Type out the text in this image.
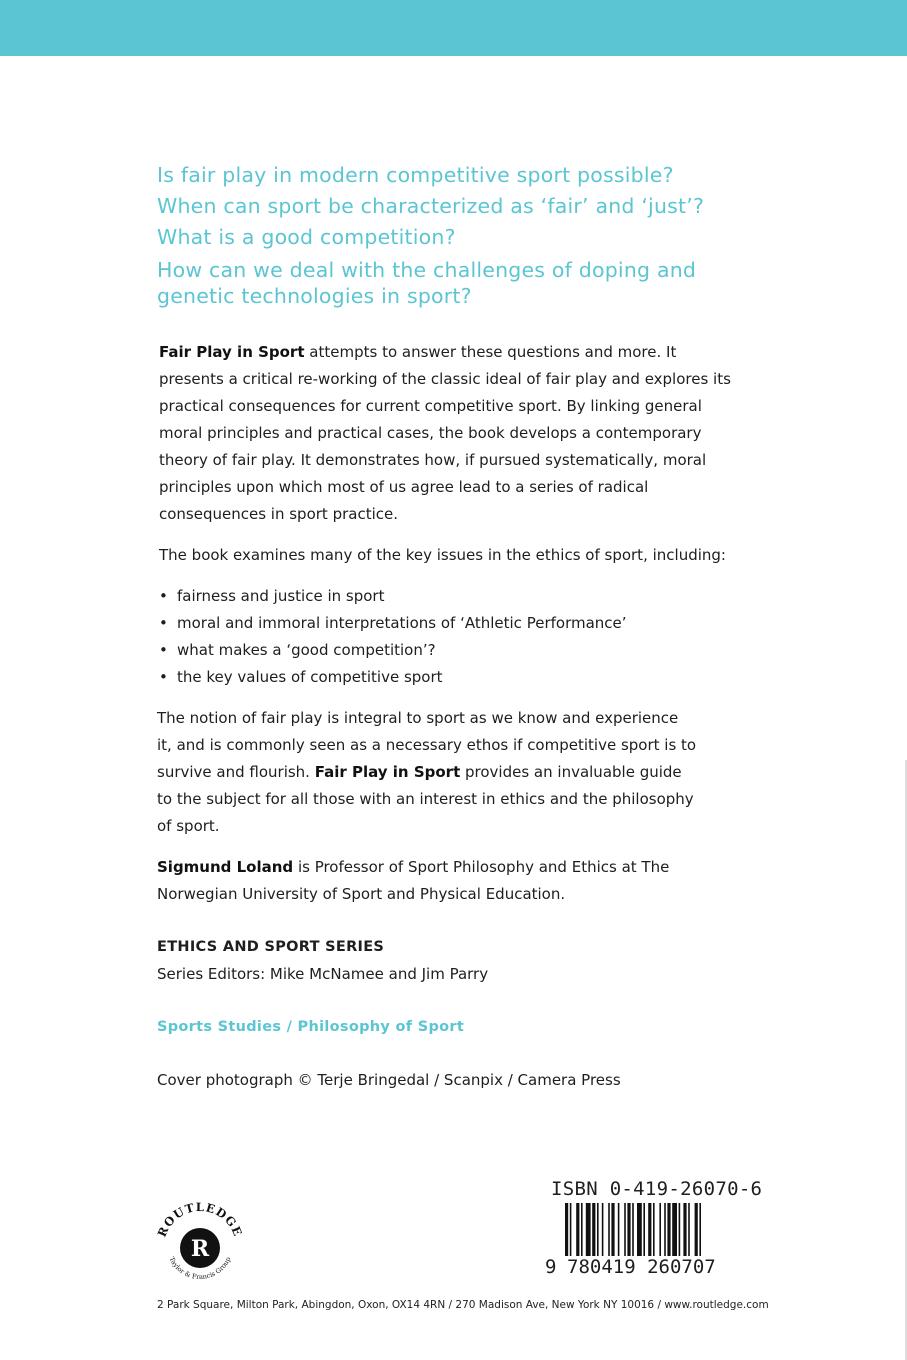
Is fair play in modern competitive sport possible?
When can sport be characterized as ‘fair’ and ‘just’?
What is a good competition?
How can we deal with the challenges of doping and
genetic technologies in sport?

Fair Play in Sport attempts to answer these questions and more. It presents a critical re-working of the classic ideal of fair play and explores its practical consequences for current competitive sport. By linking general moral principles and practical cases, the book develops a contemporary theory of fair play. It demonstrates how, if pursued systematically, moral principles upon which most of us agree lead to a series of radical consequences in sport practice.

The book examines many of the key issues in the ethics of sport, including:

• fairness and justice in sport
• moral and immoral interpretations of ‘Athletic Performance’
• what makes a ‘good competition’?
• the key values of competitive sport

The notion of fair play is integral to sport as we know and experience it, and is commonly seen as a necessary ethos if competitive sport is to survive and flourish. Fair Play in Sport provides an invaluable guide to the subject for all those with an interest in ethics and the philosophy of sport.

Sigmund Loland is Professor of Sport Philosophy and Ethics at The Norwegian University of Sport and Physical Education.

ETHICS AND SPORT SERIES
Series Editors: Mike McNamee and Jim Parry
Sports Studies / Philosophy of Sport
Cover photograph © Terje Bringedal / Scanpix / Camera Press
ROUTLEDGE
Taylor & Francis Group
R
ISBN 0-419-26070-6
9 780419 260707
2 Park Square, Milton Park, Abingdon, Oxon, OX14 4RN / 270 Madison Ave, New York NY 10016 / www.routledge.com
